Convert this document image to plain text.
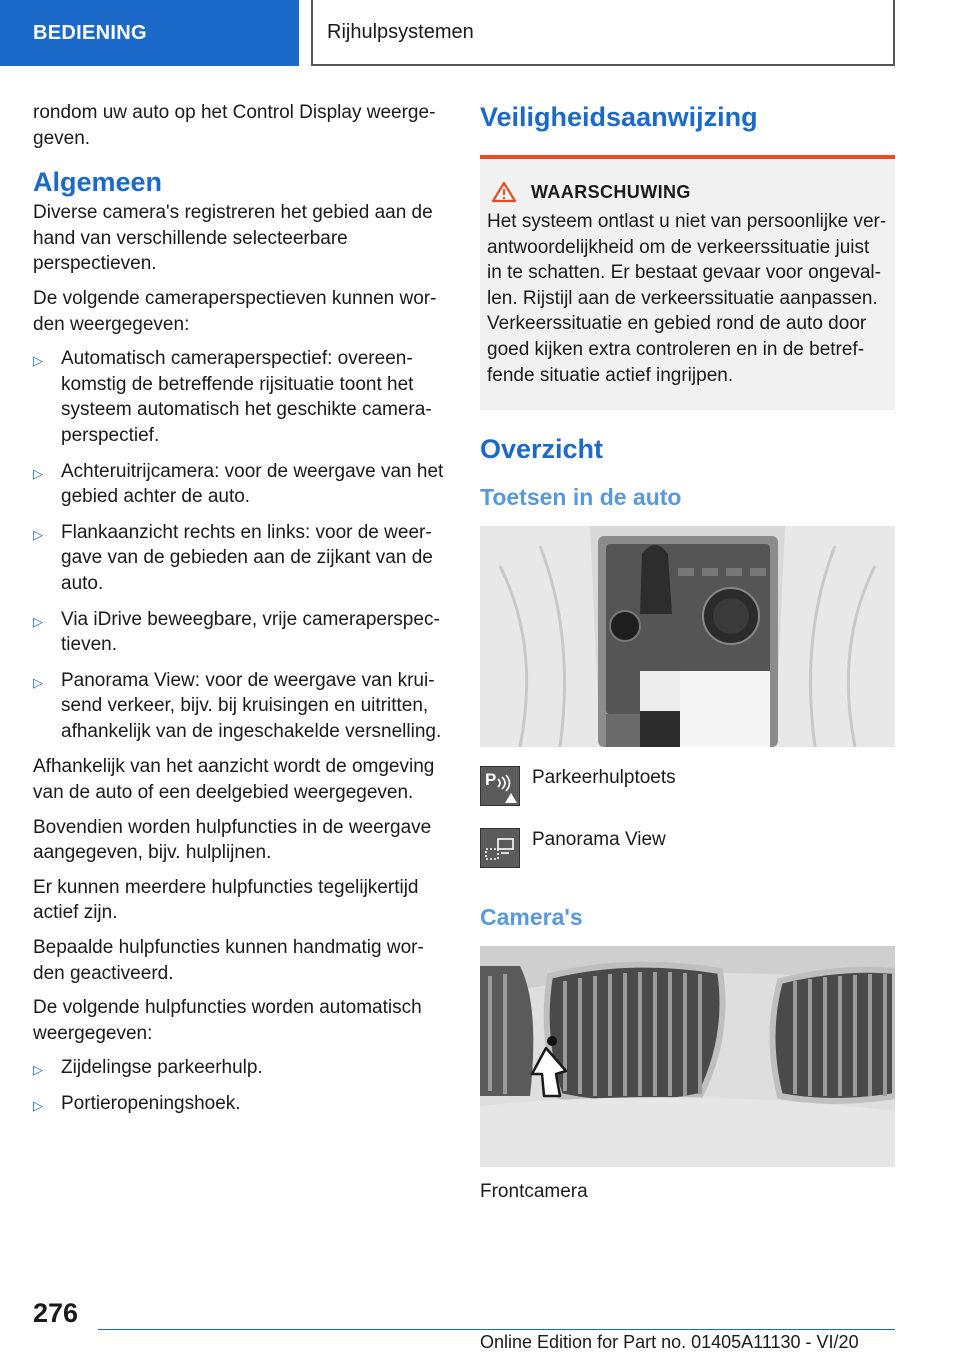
BEDIENING	Rijhulpsystemen

rondom uw auto op het Control Display weergegeven.

Algemeen

Diverse camera's registreren het gebied aan de hand van verschillende selecteerbare perspectieven.

De volgende cameraperspectieven kunnen worden weergegeven:

▷ Automatisch cameraperspectief: overeenkomstig de betreffende rijsituatie toont het systeem automatisch het geschikte cameraperspectief.
▷ Achteruitrijcamera: voor de weergave van het gebied achter de auto.
▷ Flankaanzicht rechts en links: voor de weergave van de gebieden aan de zijkant van de auto.
▷ Via iDrive beweegbare, vrije cameraperspectieven.
▷ Panorama View: voor de weergave van kruisend verkeer, bijv. bij kruisingen en uitritten, afhankelijk van de ingeschakelde versnelling.

Afhankelijk van het aanzicht wordt de omgeving van de auto of een deelgebied weergegeven.

Bovendien worden hulpfuncties in de weergave aangegeven, bijv. hulplijnen.

Er kunnen meerdere hulpfuncties tegelijkertijd actief zijn.

Bepaalde hulpfuncties kunnen handmatig worden geactiveerd.

De volgende hulpfuncties worden automatisch weergegeven:

▷ Zijdelingse parkeerhulp.
▷ Portieropeningshoek.
Veiligheidsaanwijzing
WAARSCHUWING

Het systeem ontlast u niet van persoonlijke verantwoordelijkheid om de verkeerssituatie juist in te schatten. Er bestaat gevaar voor ongevallen. Rijstijl aan de verkeerssituatie aanpassen. Verkeerssituatie en gebied rond de auto door goed kijken extra controleren en in de betreffende situatie actief ingrijpen.

Overzicht
Toetsen in de auto
P Parkeerhulptoets
Panorama View
Camera's

Frontcamera

276
Online Edition for Part no. 01405A11130 - VI/20
